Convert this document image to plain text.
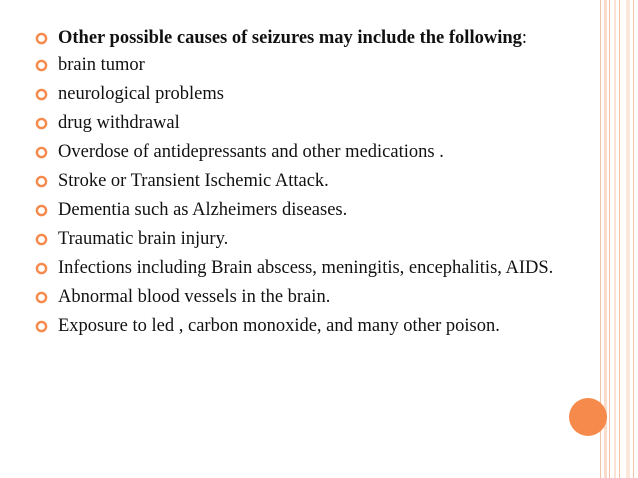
Other possible causes of seizures may include the following:
brain tumor
neurological problems
drug withdrawal
Overdose of antidepressants and other medications .
Stroke or Transient Ischemic Attack.
Dementia such as Alzheimers diseases.
Traumatic brain injury.
Infections including Brain abscess, meningitis, encephalitis, AIDS.
Abnormal blood vessels in the brain.
Exposure to led , carbon monoxide, and many other poison.
